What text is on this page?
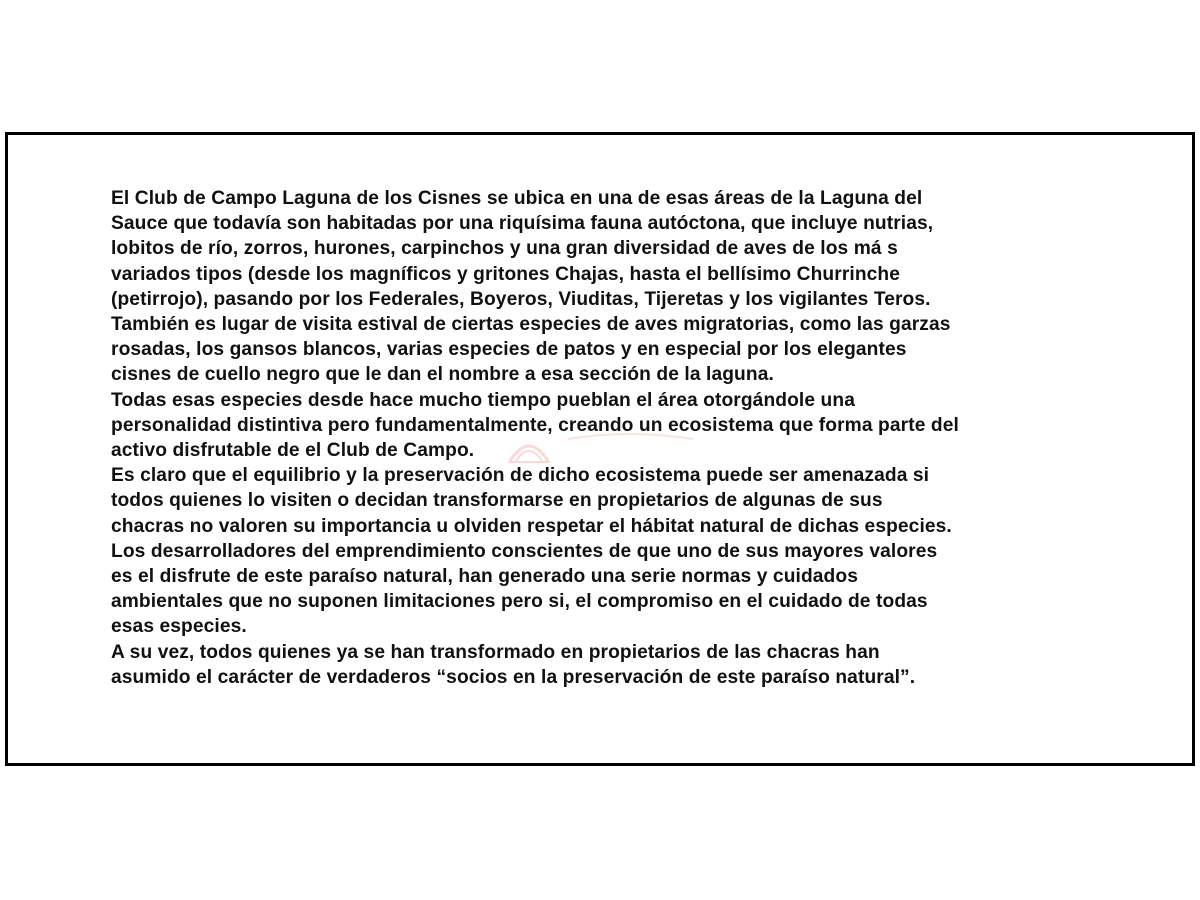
El Club de Campo Laguna de los Cisnes se ubica en una de esas áreas de la Laguna del
Sauce que todavía son habitadas por una riquísima fauna autóctona, que incluye nutrias,
lobitos de río, zorros, hurones, carpinchos y una gran diversidad de aves de los má s
variados tipos (desde los magníficos y gritones Chajas, hasta el bellísimo Churrinche
(petirrojo), pasando por los Federales, Boyeros, Viuditas, Tijeretas y los vigilantes Teros.
También es lugar de visita estival de ciertas especies de aves migratorias, como las garzas
rosadas, los gansos blancos, varias especies de patos y en especial por los elegantes
cisnes de cuello negro que le dan el nombre a esa sección de la laguna.
Todas esas especies desde hace mucho tiempo pueblan el área otorgándole una
personalidad distintiva pero fundamentalmente, creando un ecosistema que forma parte del
activo disfrutable de el Club de Campo.
Es claro que el equilibrio y la preservación de dicho ecosistema puede ser amenazada si
todos quienes lo visiten o decidan transformarse en propietarios de algunas de sus
chacras no valoren su importancia u olviden respetar el hábitat natural de dichas especies.
Los desarrolladores del emprendimiento conscientes de que uno de sus mayores valores
es el disfrute de este paraíso natural, han generado una serie normas y cuidados
ambientales que no suponen limitaciones pero si, el compromiso en el cuidado de todas
esas especies.
A su vez, todos quienes ya se han transformado en propietarios de las chacras han
asumido el carácter de verdaderos “socios en la preservación de este paraíso natural”.
